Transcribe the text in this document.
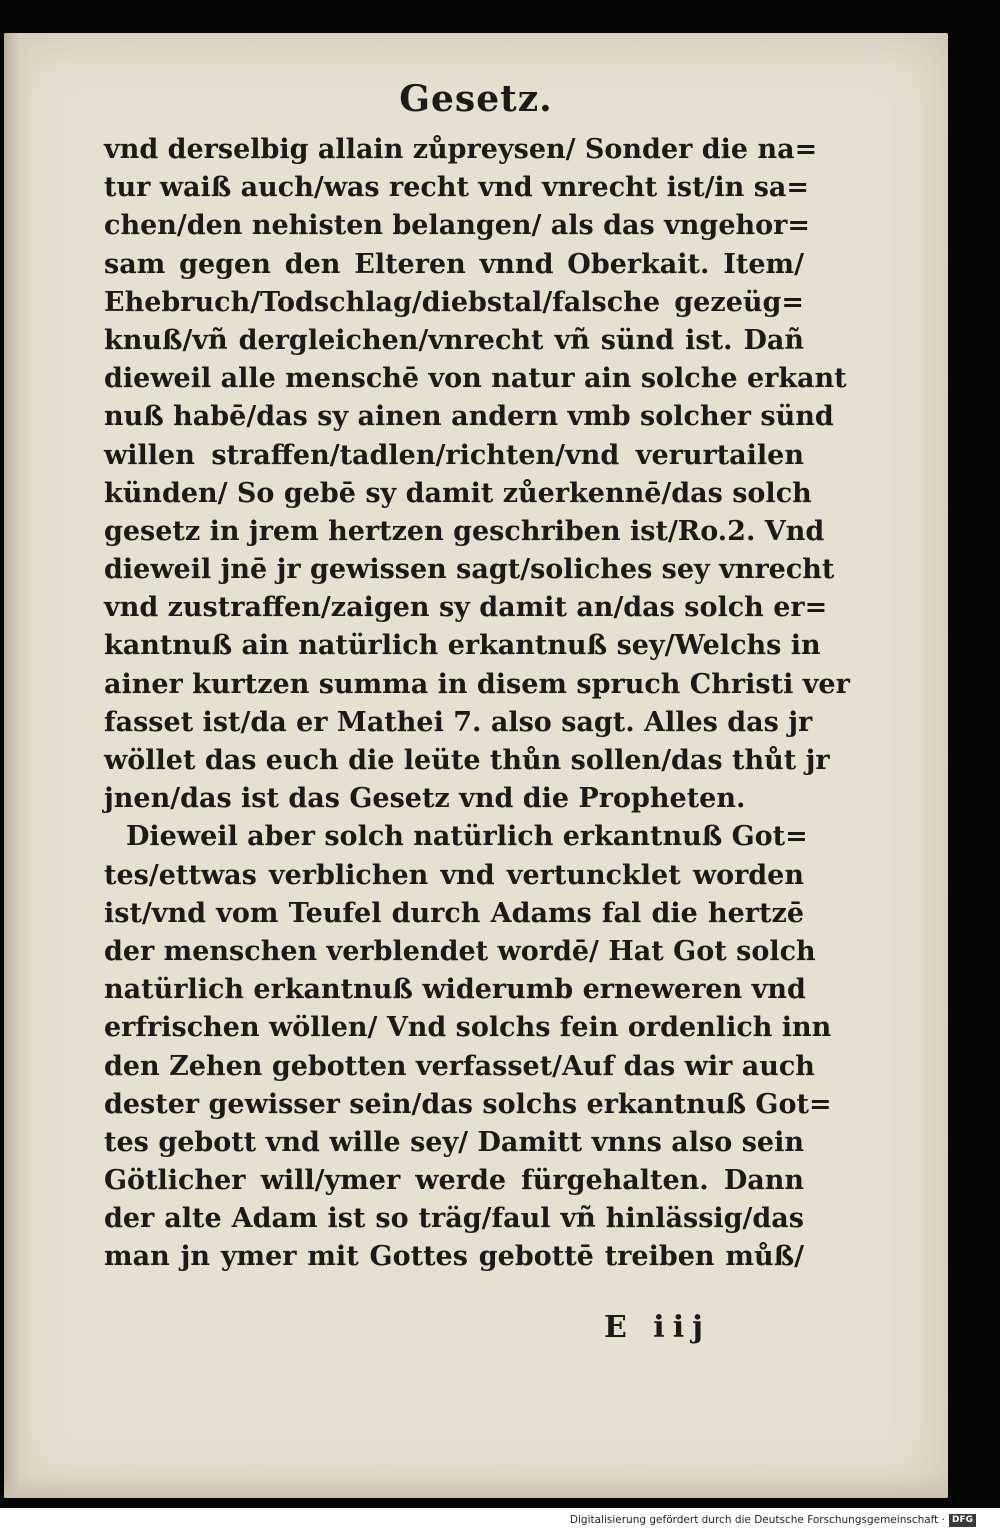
Gesetz.
vnd derselbig allain zůpreysen/ Sonder die na=
tur waiß auch/was recht vnd vnrecht ist/in sa=
chen/den nehisten belangen/ als das vngehor=
sam gegen den Elteren vnnd Oberkait. Item/
Ehebruch/Todschlag/diebstal/falsche gezeüg=
knuß/vñ dergleichen/vnrecht vñ sünd ist. Dañ
dieweil alle menschē von natur ain solche erkant
nuß habē/das sy ainen andern vmb solcher sünd
willen straffen/tadlen/richten/vnd verurtailen
künden/ So gebē sy damit zůerkennē/das solch
gesetz in jrem hertzen geschriben ist/Ro.2. Vnd
dieweil jnē jr gewissen sagt/soliches sey vnrecht
vnd zustraffen/zaigen sy damit an/das solch er=
kantnuß ain natürlich erkantnuß sey/Welchs in
ainer kurtzen summa in disem spruch Christi ver
fasset ist/da er Mathei 7. also sagt. Alles das jr
wöllet das euch die leüte thůn sollen/das thůt jr
jnen/das ist das Gesetz vnd die Propheten.
Dieweil aber solch natürlich erkantnuß Got=
tes/ettwas verblichen vnd vertuncklet worden
ist/vnd vom Teufel durch Adams fal die hertzē
der menschen verblendet wordē/ Hat Got solch
natürlich erkantnuß widerumb erneweren vnd
erfrischen wöllen/ Vnd solchs fein ordenlich inn
den Zehen gebotten verfasset/Auf das wir auch
dester gewisser sein/das solchs erkantnuß Got=
tes gebott vnd wille sey/ Damitt vnns also sein
Götlicher will/ymer werde fürgehalten. Dann
der alte Adam ist so träg/faul vñ hinlässig/das
man jn ymer mit Gottes gebottē treiben můß/
E iij
Digitalisierung gefördert durch die Deutsche Forschungsgemeinschaft · DFG
